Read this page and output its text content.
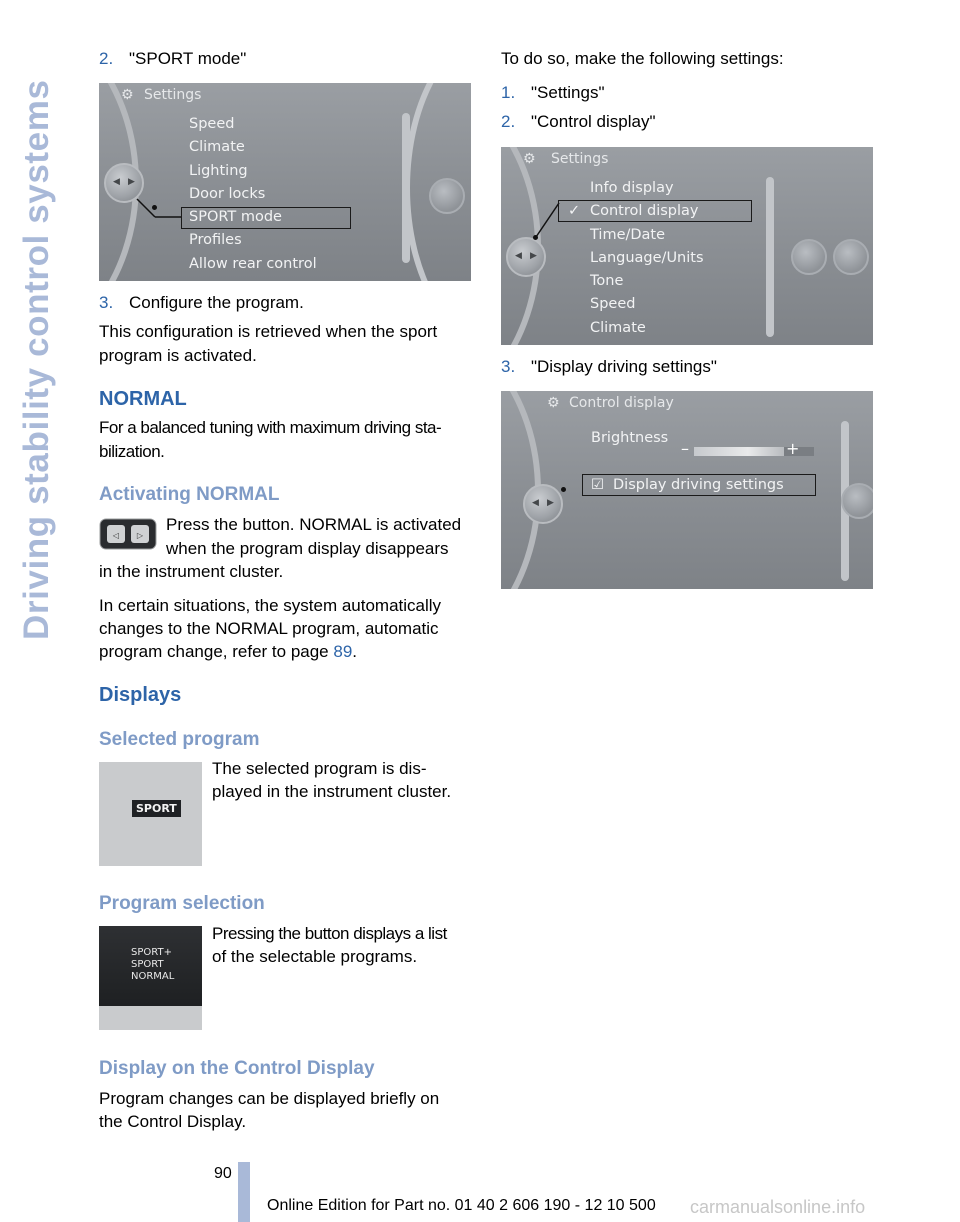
Driving stability control systems
2. "SPORT mode"
⚙ Settings
◀ ▶
Speed
Climate
Lighting
Door locks
SPORT mode
Profiles
Allow rear control
3. Configure the program.
This configuration is retrieved when the sport program is activated.
NORMAL
For a balanced tuning with maximum driving sta-bilization.
Activating NORMAL
◁ ▷
Press the button. NORMAL is activated
when the program display disappears
in the instrument cluster.
In certain situations, the system automatically
changes to the NORMAL program, automatic
program change, refer to page 89.
Displays
Selected program
SPORT
The selected program is dis-
played in the instrument cluster.
Program selection
SPORT+
SPORT
NORMAL
Pressing the button displays a list
of the selectable programs.
Display on the Control Display
Program changes can be displayed briefly on
the Control Display.
To do so, make the following settings:
1. "Settings"
2. "Control display"
⚙	Settings
◀ ▶
Info display
✓ Control display
Time/Date
Language/Units
Tone
Speed
Climate
3. "Display driving settings"
⚙ Control display
◀ ▶
Brightness
–	+
☑ Display driving settings
90
Online Edition for Part no. 01 40 2 606 190 - 12 10 500 carmanualsonline.info
